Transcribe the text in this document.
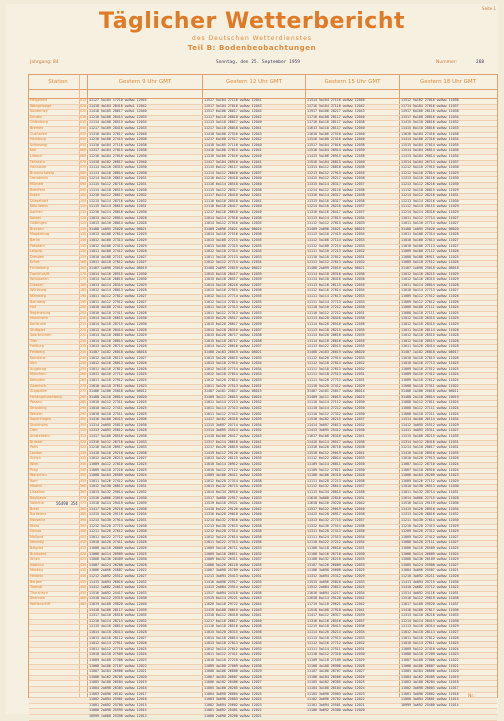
Seite 1
Täglicher Wetterbericht
des Deutschen Wetterdienstes
Teil B: Bodenbeobachtungen
Jahrgang: 84	Sonntag, den 25. September 1959	Nummer:	268
Station	Gestern 9 Uhr GMT	Gestern 12 Uhr GMT	Gestern 15 Uhr GMT	Gestern 18 Uhr GMT
Helgoland	015 41127 5w104 17210 ww5ww 12044	11517 5w104 27116 ww5ww 12041	11514 5w104 27116 ww5ww 12040	11512 5w102 27016 ww5ww 11038
Wangerooge	020 11418 4w104 28416 ww5w1 12042	11517 5w104 27016 ww5ww 12043	11716 5w104 27116 ww5ww 12042	11714 5w104 27016 ww5ww 11037
Norderney	025 11418 5w105 28617 ww5w1 12040	11517 6w106 28017 ww5ww 12044	11917 6w106 28217 ww5ww 12043	11917 6w106 28116 ww5ww 11038
Emden	030 11216 5w106 28415 ww5ww 12033	11117 6w110 28018 ww5ww 12042	11716 6w108 28117 ww5ww 12040	11517 6w108 28016 ww5ww 11034
Oldenburg	035 11114 4w108 28515 ww5ww 12034	11113 5w110 28017 ww5ww 12040	11716 6w110 28117 ww5ww 12038	11415 5w110 28016 ww5ww 11032
Bremen	040 11217 5w109 28416 ww5ww 12033	11217 5w110 28018 ww5ww 12041	11613 5w110 28117 ww5ww 12040	11415 6w110 28016 ww5ww 11033
Cuxhaven	045 11316 4w104 27617 ww5ww 12040	11418 5w106 27516 ww5ww 12043	11618 5w106 27516 ww5ww 12040	11616 5w104 27416 ww5ww 11038
Hamburg	050 11216 5w106 27415 ww5ww 12036	11217 6w108 27517 ww5ww 12042	11516 5w108 27416 ww5ww 12040	11414 5w106 27316 ww5ww 11034
Schleswig	055 11316 4w104 27116 ww5ww 12038	11418 5w105 27116 ww5ww 12040	11517 5w104 27016 ww5ww 12038	11515 5w104 27014 ww5ww 11035
Kiel	060 11317 4w104 27015 ww5ww 12038	11416 5w106 27015 ww5ww 12041	11516 5w104 26914 ww5ww 12039	11514 5w104 26814 ww5ww 11036
Lübeck	065 11216 4w104 27016 ww5ww 12036	11316 5w106 27016 ww5ww 12040	11415 5w106 26915 ww5ww 12038	11413 5w104 26814 ww5ww 11034
Fehmarn	070 11418 4w102 26817 ww5ww 12040	11417 5w104 26916 ww5ww 12041	11516 5w104 26815 ww5ww 12040	11514 5w104 26714 ww5ww 11037
Hannover	075 11114 5w110 28315 ww5ww 12030	11115 6w112 28117 ww5ww 12038	11314 6w112 28016 ww5ww 12036	11212 5w110 27915 ww5ww 11030
Braunschweig	080 11113 4w110 28014 ww5ww 12030	11114 5w112 28016 ww5ww 12037	11213 6w112 27915 ww5ww 12035	11212 5w110 27814 ww5ww 11029
Osnabrück	085 11214 5w110 28615 ww5ww 12031	11216 6w112 28418 ww5ww 12040	11415 6w112 28217 ww5ww 12038	11313 5w110 28116 ww5ww 11030
Münster	090 11115 5w112 28716 ww5ww 12031	11116 6w114 28518 ww5ww 12040	11315 6w114 28317 ww5ww 12037	11213 5w112 28216 ww5ww 11030
Bielefeld	095 11114 4w110 28515 ww5ww 12030	11115 5w112 28317 ww5ww 12038	11214 6w112 28116 ww5ww 12036	11112 5w110 28015 ww5ww 11029
Essen	100 11216 5w112 28617 ww5ww 12032	11117 6w114 28418 ww5ww 12041	11316 6w114 28317 ww5ww 12038	11214 5w112 28216 ww5ww 11031
Düsseldorf	105 11215 5w114 28716 ww5ww 12032	11116 6w116 28518 ww5ww 12041	11315 6w116 28317 ww5ww 12038	11213 5w114 28216 ww5ww 11030
Köln-Wahn	110 11115 5w114 28615 ww5ww 12031	11116 6w116 28417 ww5ww 12040	11214 6w116 28216 ww5ww 12037	11112 5w114 28115 ww5ww 11029
Aachen	115 11216 5w114 28816 ww5ww 12030	11217 6w116 28618 ww5ww 12040	11316 6w116 28417 ww5ww 12037	11214 5w114 28316 ww5ww 11029
Kassel	120 11013 4w112 28014 ww5ww 12028	11014 5w114 27916 ww5ww 12036	11113 6w114 27815 ww5ww 12034	11011 5w112 27714 ww5ww 11027
Göttingen	125 11013 4w110 28014 ww5ww 12028	11014 5w112 27916 ww5ww 12035	11112 5w112 27815 ww5ww 12033	11011 5w110 27714 ww5ww 11027
Brocken	130 31408 1w095 25020 ww5ww 08021	31409 2w096 25021 ww5ww 08024	31409 2w096 25021 ww5ww 08023	31408 1w095 25020 ww5ww 08020
Magdeburg	135 11013 4w108 27614 ww5ww 12029	11014 5w110 27516 ww5ww 12036	11113 5w110 27415 ww5ww 12034	11011 5w108 27314 ww5ww 11028
Berlin	140 11012 4w106 27313 ww5ww 12029	11013 5w108 27215 ww5ww 12035	11112 5w108 27114 ww5ww 12033	11010 5w106 27013 ww5ww 11027
Potsdam	145 11012 4w106 27413 ww5ww 12029	11013 5w108 27315 ww5ww 12035	11112 5w108 27214 ww5ww 12033	11010 5w106 27113 ww5ww 11027
Leipzig	150 11011 4w108 27412 ww5ww 12028	11012 5w110 27314 ww5ww 12034	11111 5w110 27213 ww5ww 12032	11009 5w108 27112 ww5ww 11026
Dresden	155 11010 4w108 27211 ww5ww 12027	11011 5w110 27113 ww5ww 12033	11110 5w110 27012 ww5ww 12031	11008 5w108 26911 ww5ww 11025
Erfurt	160 11011 4w110 27812 ww5ww 12027	11012 5w112 27714 ww5ww 12034	11111 5w112 27613 ww5ww 12032	11009 5w110 27512 ww5ww 11026
Fichtelberg	165 31407 1w098 25018 ww5ww 08019	31408 2w099 25019 ww5ww 08022	31408 2w099 25019 ww5ww 08021	31407 1w098 25018 ww5ww 08018
Frankfurt/M	170 11014 5w116 28515 ww5ww 12030	11015 6w118 28417 ww5ww 12039	11114 6w118 28316 ww5ww 12036	11012 5w116 28215 ww5ww 11029
Wiesbaden	175 11014 5w116 28615 ww5ww 12030	11015 6w118 28517 ww5ww 12039	11114 6w118 28416 ww5ww 12036	11012 5w116 28315 ww5ww 11029
Giessen	180 11013 4w114 28314 ww5ww 12029	11014 5w116 28216 ww5ww 12037	11113 6w116 28115 ww5ww 12035	11011 5w114 28014 ww5ww 11028
Würzburg	185 11012 4w114 28013 ww5ww 12028	11013 5w116 27915 ww5ww 12036	11112 6w116 27814 ww5ww 12034	11010 5w114 27713 ww5ww 11027
Nürnberg	190 11011 4w112 27812 ww5ww 12027	11012 5w114 27714 ww5ww 12035	11111 5w114 27613 ww5ww 12033	11009 5w112 27512 ww5ww 11026
Bamberg	195 11011 4w112 27912 ww5ww 12027	11012 5w114 27814 ww5ww 12035	11111 5w114 27713 ww5ww 12033	11009 5w112 27612 ww5ww 11026
Hof	200 11010 4w108 27411 ww5ww 12025	11011 5w110 27313 ww5ww 12032	11110 5w110 27212 ww5ww 12030	11008 5w108 27111 ww5ww 11024
Regensburg	205 11010 4w110 27411 ww5ww 12026	11011 5w112 27313 ww5ww 12033	11110 5w112 27212 ww5ww 12031	11008 5w110 27111 ww5ww 11025
Mannheim	210 11014 5w118 28615 ww5ww 12030	11015 6w120 28517 ww5ww 12039	11114 6w120 28416 ww5ww 12036	11012 5w118 28315 ww5ww 11029
Karlsruhe	215 11014 5w118 28715 ww5ww 12030	11015 6w120 28617 ww5ww 12039	11114 6w120 28516 ww5ww 12036	11012 5w118 28415 ww5ww 11029
Stuttgart	220 11013 4w116 28414 ww5ww 12028	11014 5w118 28316 ww5ww 12037	11113 6w118 28215 ww5ww 12035	11011 5w116 28114 ww5ww 11028
Saarbrücken	225 11014 5w118 28815 ww5ww 12029	11015 6w120 28717 ww5ww 12038	11114 6w120 28616 ww5ww 12035	11012 5w118 28515 ww5ww 11028
Trier	230 11014 5w116 28815 ww5ww 12029	11015 6w118 28717 ww5ww 12038	11114 6w118 28616 ww5ww 12035	11012 5w116 28515 ww5ww 11028
Freiburg	235 11013 4w120 28714 ww5ww 12028	11014 5w122 28616 ww5ww 12037	11113 6w122 28515 ww5ww 12035	11011 5w120 28414 ww5ww 11028
Feldberg	240 31407 1w102 26018 ww5ww 08018	31408 2w103 26019 ww5ww 08021	31408 2w103 26019 ww5ww 08020	31407 1w102 26018 ww5ww 08017
Konstanz	245 11012 4w118 28113 ww5ww 12027	11013 5w120 28015 ww5ww 12035	11112 6w120 27914 ww5ww 12033	11010 5w118 27813 ww5ww 11026
Ulm	250 11012 4w116 28013 ww5ww 12026	11013 5w118 27915 ww5ww 12034	11112 5w118 27814 ww5ww 12032	11010 5w116 27713 ww5ww 11025
Augsburg	255 11011 4w116 27812 ww5ww 12026	11012 5w118 27714 ww5ww 12034	11111 5w118 27613 ww5ww 12032	11009 5w116 27512 ww5ww 11025
München	260 11011 4w116 27712 ww5ww 12025	11012 5w118 27614 ww5ww 12033	11111 5w118 27513 ww5ww 12031	11009 5w116 27412 ww5ww 11024
Kempten	265 11011 4w118 27912 ww5ww 12025	11012 5w120 27814 ww5ww 12033	11111 5w120 27713 ww5ww 12031	11009 5w118 27612 ww5ww 11024
Garmisch	270 11010 4w118 27611 ww5ww 12023	11011 5w120 27513 ww5ww 12031	11110 5w120 27412 ww5ww 12029	11008 5w118 27311 ww5ww 11022
Zugspitze	275 31406 1w100 25016 ww5ww 06012	31407 2w101 25017 ww5ww 06015	31407 2w101 25017 ww5ww 06014	31406 1w100 25016 ww5ww 06011
Hohenpeissenberg	280 31408 2w110 26014 ww5ww 10020	31409 3w111 26015 ww5ww 10024	31409 3w111 26015 ww5ww 10023	31408 2w110 26014 ww5ww 10019
Passau	285 11010 4w112 27311 ww5ww 12025	11011 5w114 27213 ww5ww 12032	11110 5w114 27112 ww5ww 12030	11008 5w112 27011 ww5ww 11024
Straubing	290 11010 4w112 27411 ww5ww 12025	11011 5w114 27313 ww5ww 12032	11110 5w114 27212 ww5ww 12030	11008 5w112 27111 ww5ww 11024
Weiden	295 11010 4w110 27511 ww5ww 12025	11011 5w112 27413 ww5ww 12032	11110 5w112 27312 ww5ww 12030	11008 5w110 27211 ww5ww 11024
Kopenhagen	300 11416 3w100 26415 ww5ww 12036	11417 4w102 26316 ww5ww 12039	11516 4w102 26215 ww5ww 12037	11514 4w100 26114 ww5ww 11034
Stockholm	305 11314 2w095 25813 ww5ww 12030	11315 3w097 25714 ww5ww 12034	11414 3w097 25613 ww5ww 12032	11412 3w095 25512 ww5ww 11029
Oslo	310 11313 2w093 25612 ww5ww 12028	11314 3w095 25513 ww5ww 12032	11413 3w095 25412 ww5ww 12030	11411 3w093 25311 ww5ww 11027
Amsterdam	315 11417 5w106 28516 ww5ww 12038	11418 6w108 28417 ww5ww 12043	11617 6w108 28316 ww5ww 12041	11515 5w106 28215 ww5ww 11035
Brüssel	320 11316 5w112 28716 ww5ww 12033	11317 6w114 28618 ww5ww 12041	11416 6w114 28517 ww5ww 12038	11314 5w112 28416 ww5ww 11031
Paris	325 11216 5w118 28917 ww5ww 12033	11217 6w120 28819 ww5ww 12041	11316 6w120 28718 ww5ww 12038	11214 5w118 28617 ww5ww 11031
London	330 11418 5w110 29218 ww5ww 12038	11419 6w112 29120 ww5ww 12043	11518 6w112 29019 ww5ww 12041	11416 5w110 28918 ww5ww 11035
Zürich	335 11012 4w120 28213 ww5ww 12027	11013 5w122 28115 ww5ww 12035	11112 6w122 28014 ww5ww 12033	11010 5w120 27913 ww5ww 11026
Wien	340 11009 4w112 27010 ww5ww 12025	11010 5w114 26912 ww5ww 12032	11109 5w114 26811 ww5ww 12030	11007 5w112 26710 ww5ww 11024
Prag	345 11009 4w110 27210 ww5ww 12025	11010 5w112 27112 ww5ww 12032	11109 5w112 27011 ww5ww 12030	11007 5w110 26910 ww5ww 11024
Warschau	350 11008 3w104 26509 ww5ww 12024	11009 4w106 26411 ww5ww 12030	11108 4w106 26310 ww5ww 12028	11006 4w104 26209 ww5ww 11023
Rom	355 11011 5w126 27412 ww5ww 12030	11012 6w128 27314 ww5ww 12038	11111 6w128 27213 ww5ww 12036	11009 5w126 27112 ww5ww 11029
Madrid	360 11012 5w130 28813 ww5ww 12031	11013 6w132 28715 ww5ww 12039	11112 6w132 28614 ww5ww 12037	11010 5w130 28513 ww5ww 11030
Lissabon	365 11013 5w132 29014 ww5ww 12032	11014 6w134 28916 ww5ww 12040	11113 6w134 28815 ww5ww 12038	11011 5w132 28714 ww5ww 11031
Reykjavik	370 11516 2w086 23016 ww5ww 12030	11517 3w088 22917 ww5ww 12033	11616 3w088 22816 ww5ww 12031	11614 3w086 22715 ww5ww 11028
Valentia	375 11518 5w114 29419 ww5ww 12039	11519 6w116 29321 ww5ww 12044	11618 6w116 29220 ww5ww 12042	11516 5w114 29119 ww5ww 11036
Brest	380 11417 5w120 29218 ww5ww 12036	11418 6w122 29120 ww5ww 12042	11517 6w122 29019 ww5ww 12040	11415 5w120 28918 ww5ww 11034
Bordeaux	385 11315 5w126 29116 ww5ww 12034	11316 6w128 29018 ww5ww 12040	11415 6w128 28917 ww5ww 12038	11313 5w126 28816 ww5ww 11032
Marseille	390 11213 5w130 27914 ww5ww 12031	11214 6w132 27816 ww5ww 12039	11313 6w132 27715 ww5ww 12037	11211 5w130 27614 ww5ww 11030
Nizza	395 11212 5w128 27713 ww5ww 12030	11213 6w130 27615 ww5ww 12038	11312 6w130 27514 ww5ww 12036	11210 5w128 27413 ww5ww 11029
Genua	400 11211 5w126 27612 ww5ww 12030	11212 6w128 27514 ww5ww 12038	11311 6w128 27413 ww5ww 12036	11209 5w126 27312 ww5ww 11029
Mailand	405 11011 4w122 27712 ww5ww 12028	11012 5w124 27614 ww5ww 12036	11111 6w124 27513 ww5ww 12034	11009 5w122 27412 ww5ww 11027
Venedig	410 11010 4w120 27411 ww5ww 12028	11011 5w122 27313 ww5ww 12036	11110 6w122 27212 ww5ww 12034	11008 5w120 27111 ww5ww 11027
Belgrad	415 11008 4w116 26809 ww5ww 12026	11009 5w118 26711 ww5ww 12033	11108 5w118 26610 ww5ww 12031	11006 5w116 26509 ww5ww 11025
Budapest	420 11008 4w114 26909 ww5ww 12025	11009 5w116 26811 ww5ww 12032	11108 5w116 26710 ww5ww 12030	11006 5w114 26609 ww5ww 11024
Athen	425 11008 5w130 26409 ww5ww 12030	11009 6w132 26311 ww5ww 12037	11108 6w132 26210 ww5ww 12035	11006 5w130 26109 ww5ww 11029
Istanbul	430 11007 4w124 26208 ww5ww 12028	11008 5w126 26110 ww5ww 12035	11107 5w126 26009 ww5ww 12033	11005 5w124 25908 ww5ww 11027
Moskau	435 11006 2w096 25807 ww5ww 12022	11007 3w098 25709 ww5ww 12027	11106 3w098 25608 ww5ww 12025	11004 3w096 25507 ww5ww 11021
Helsinki	440 11212 2w092 25512 ww5ww 12027	11213 3w094 25413 ww5ww 12031	11312 3w094 25312 ww5ww 12029	11210 3w092 25211 ww5ww 11026
Bergen	445 11415 3w094 26016 ww5ww 12032	11416 4w096 25917 ww5ww 12035	11515 4w096 25816 ww5ww 12033	11413 4w094 25715 ww5ww 11030
Tromsö	450 11412 1w082 24013 ww5ww 12024	11413 2w084 23914 ww5ww 12027	11512 2w084 23813 ww5ww 12025	11410 2w082 23712 ww5ww 11022
Thorshavn	455 11516 3w092 24417 ww5ww 12033	11517 4w094 24318 ww5ww 12036	11616 4w094 24217 ww5ww 12034	11514 4w092 24116 ww5ww 11031
Shannon	460 11518 5w112 29319 ww5ww 12038	11519 6w114 29221 ww5ww 12043	11618 6w114 29120 ww5ww 12041	11516 5w112 29019 ww5ww 11036
Wetterschiff	465 11619 4w108 29820 ww5ww 12040	11620 5w110 29722 ww5ww 12044	11719 5w110 29621 ww5ww 12042	11617 5w108 29520 ww5ww 11037
11418 5w106 28117 ww5ww 12039	11419 6w108 28019 ww5ww 12043	11518 6w108 27918 ww5ww 12041	11416 5w106 27817 ww5ww 11036
11317 5w110 28516 ww5ww 12035	11318 6w112 28418 ww5ww 12041	11417 6w112 28317 ww5ww 12039	11315 5w110 28216 ww5ww 11033
11216 5w114 28715 ww5ww 12032	11217 6w116 28617 ww5ww 12040	11316 6w116 28516 ww5ww 12037	11214 5w114 28415 ww5ww 11030
11115 4w116 28614 ww5ww 12030	11116 5w118 28516 ww5ww 12038	11215 6w118 28415 ww5ww 12036	11113 5w116 28314 ww5ww 11029
11014 4w118 28413 ww5ww 12028	11015 5w120 28315 ww5ww 12036	11114 6w120 28214 ww5ww 12034	11012 5w118 28113 ww5ww 11027
11013 4w116 28112 ww5ww 12027	11014 5w118 28014 ww5ww 12035	11113 5w118 27913 ww5ww 12033	11011 5w116 27812 ww5ww 11026
11012 4w114 27911 ww5ww 12026	11013 5w116 27813 ww5ww 12034	11112 5w116 27712 ww5ww 12032	11010 5w114 27611 ww5ww 11025
11011 4w112 27710 ww5ww 12025	11012 5w114 27612 ww5ww 12033	11111 5w114 27511 ww5ww 12031	11009 5w112 27410 ww5ww 11024
11010 4w110 27509 ww5ww 12024	11011 5w112 27411 ww5ww 12032	11110 5w112 27310 ww5ww 12030	11008 5w110 27209 ww5ww 11023
11009 4w108 27308 ww5ww 12023	11010 5w110 27210 ww5ww 12031	11109 5w110 27109 ww5ww 12029	11007 5w108 27008 ww5ww 11022
11008 3w106 27107 ww5ww 12022	11009 4w108 27009 ww5ww 12030	11108 4w108 26908 ww5ww 12028	11006 4w106 26807 ww5ww 11021
11007 3w104 26906 ww5ww 12021	11008 4w106 26808 ww5ww 12029	11107 4w106 26707 ww5ww 12027	11005 4w104 26606 ww5ww 11020
11006 3w102 26705 ww5ww 12020	11007 4w104 26607 ww5ww 12028	11106 4w104 26506 ww5ww 12026	11004 4w102 26405 ww5ww 11019
11005 3w100 26504 ww5ww 12019	11006 4w102 26406 ww5ww 12027	11105 4w102 26305 ww5ww 12025	11003 4w100 26204 ww5ww 11018
11004 2w098 26303 ww5ww 12018	11005 3w100 26205 ww5ww 12026	11104 3w100 26104 ww5ww 12024	11002 3w098 26003 ww5ww 11017
11003 2w096 26102 ww5ww 12017	11004 3w098 26004 ww5ww 12025	11103 3w098 25903 ww5ww 12023	11001 3w096 25802 ww5ww 11016
11002 2w094 25901 ww5ww 12016	11003 3w096 25803 ww5ww 12024	11102 3w096 25702 ww5ww 12022	11000 3w094 25601 ww5ww 11015
11001 2w092 25700 ww5ww 12015	11002 3w094 25602 ww5ww 12023	11101 3w094 25501 ww5ww 12021	10999 3w092 25400 ww5ww 11014
11000 2w090 25599 ww5ww 12014	11001 3w092 25401 ww5ww 12022	11100 3w092 25300 ww5ww 12020
10999 1w088 25398 ww5ww 12013	11000 2w090 25200 ww5ww 12021
56498 354
Nr.:
